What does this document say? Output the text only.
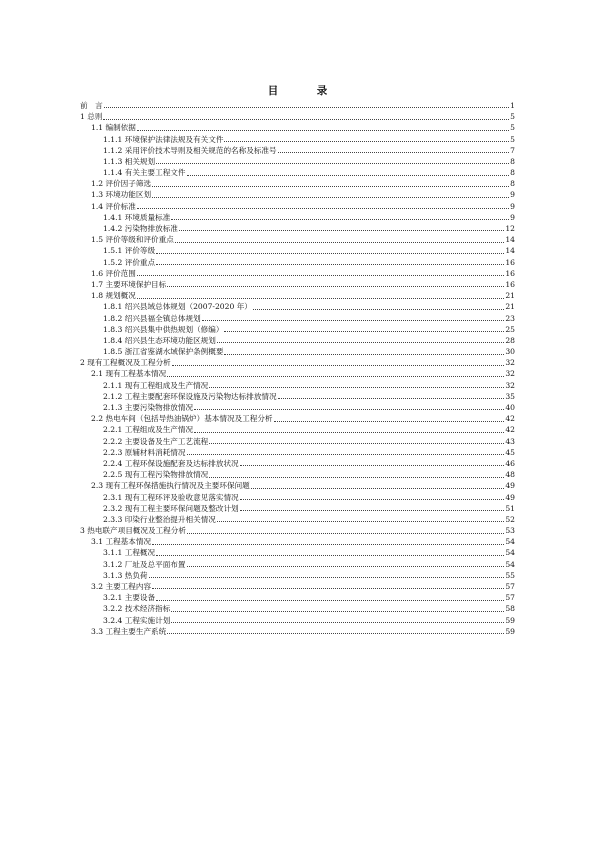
目　录
前　言	1
1 总则	5
1.1 编制依据	5
1.1.1 环境保护法律法规及有关文件	5
1.1.2 采用评价技术导则及相关规范的名称及标准号	7
1.1.3 相关规划	8
1.1.4 有关主要工程文件	8
1.2 评价因子筛选	8
1.3 环境功能区划	9
1.4 评价标准	9
1.4.1 环境质量标准	9
1.4.2 污染物排放标准	12
1.5 评价等级和评价重点	14
1.5.1 评价等级	14
1.5.2 评价重点	16
1.6 评价范围	16
1.7 主要环境保护目标	16
1.8 规划概况	21
1.8.1 绍兴县域总体规划（2007-2020 年）	21
1.8.2 绍兴县福全镇总体规划	23
1.8.3 绍兴县集中供热规划（修编）	25
1.8.4 绍兴县生态环境功能区规划	28
1.8.5 浙江省鉴湖水域保护条例概要	30
2 现有工程概况及工程分析	32
2.1 现有工程基本情况	32
2.1.1 现有工程组成及生产情况	32
2.1.2 工程主要配套环保设施及污染物达标排放情况	35
2.1.3 主要污染物排放情况	40
2.2 热电车间（包括导热油锅炉）基本情况及工程分析	42
2.2.1 工程组成及生产情况	42
2.2.2 主要设备及生产工艺流程	43
2.2.3 原辅材料消耗情况	45
2.2.4 工程环保设施配套及达标排放状况	46
2.2.5 现有工程污染物排放情况	48
2.3 现有工程环保措施执行情况及主要环保问题	49
2.3.1 现有工程环评及验收意见落实情况	49
2.3.2 现有工程主要环保问题及整改计划	51
2.3.3 印染行业整治提升相关情况	52
3 热电联产项目概况及工程分析	53
3.1 工程基本情况	54
3.1.1 工程概况	54
3.1.2 厂址及总平面布置	54
3.1.3 热负荷	55
3.2 主要工程内容	57
3.2.1 主要设备	57
3.2.2 技术经济指标	58
3.2.4 工程实施计划	59
3.3 工程主要生产系统	59
